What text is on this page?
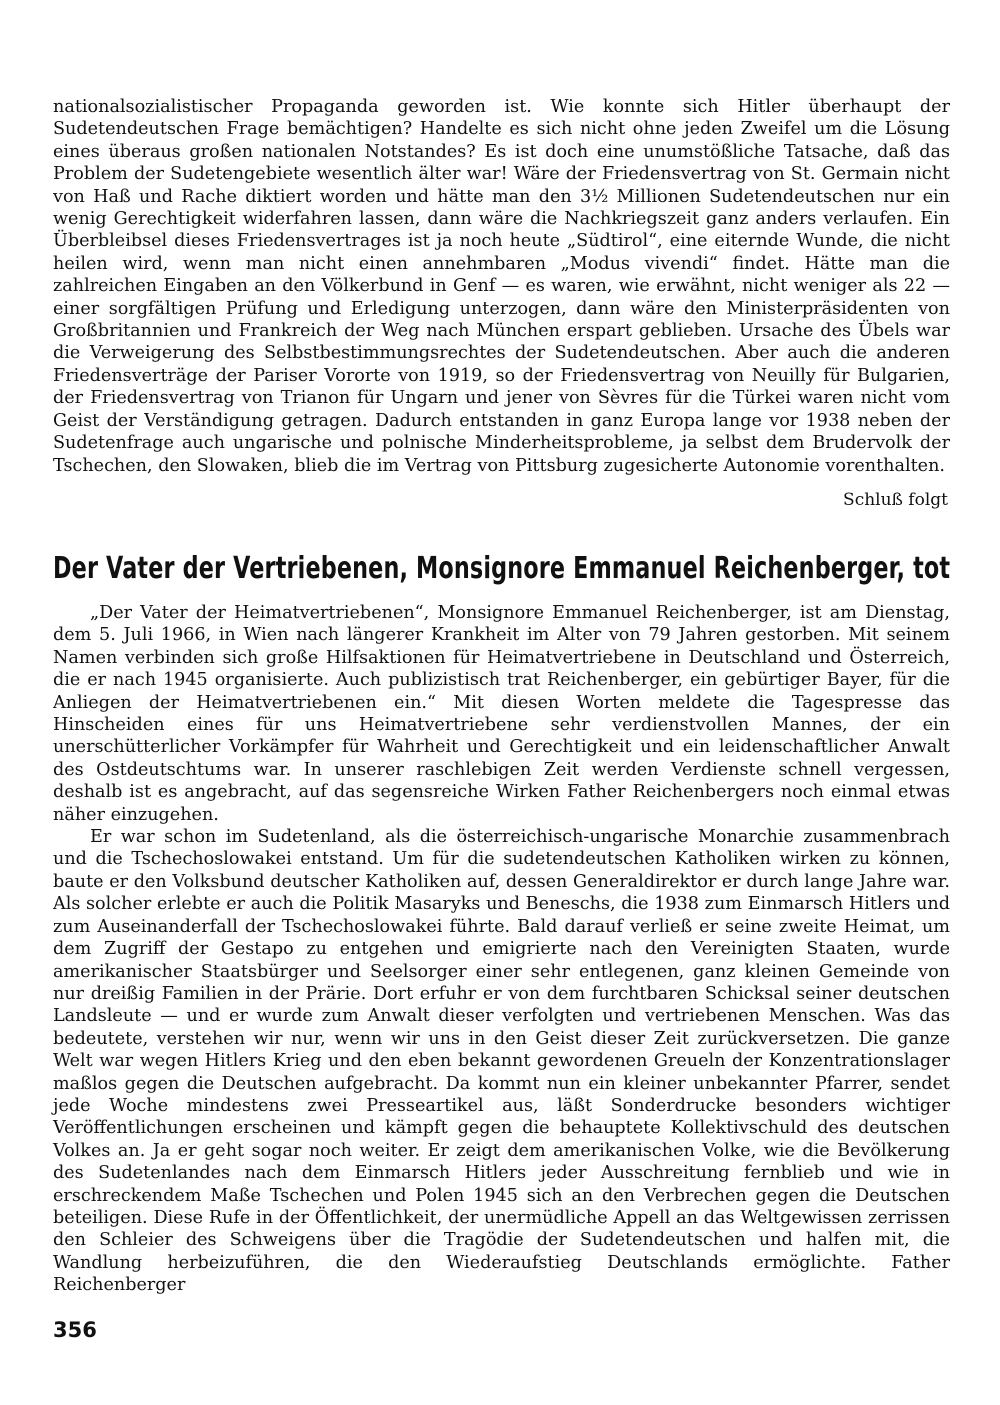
nationalsozialistischer Propaganda geworden ist. Wie konnte sich Hitler überhaupt der Sudetendeutschen Frage bemächtigen? Handelte es sich nicht ohne jeden Zweifel um die Lösung eines überaus großen nationalen Notstandes? Es ist doch eine unumstößliche Tatsache, daß das Problem der Sudetengebiete wesentlich älter war! Wäre der Friedensvertrag von St. Germain nicht von Haß und Rache diktiert worden und hätte man den 3½ Millionen Sudetendeutschen nur ein wenig Gerechtigkeit widerfahren lassen, dann wäre die Nachkriegszeit ganz anders verlaufen. Ein Überbleibsel dieses Friedensvertrages ist ja noch heute „Südtirol“, eine eiternde Wunde, die nicht heilen wird, wenn man nicht einen annehmbaren „Modus vivendi“ findet. Hätte man die zahlreichen Eingaben an den Völkerbund in Genf — es waren, wie erwähnt, nicht weniger als 22 — einer sorgfältigen Prüfung und Erledigung unterzogen, dann wäre den Ministerpräsidenten von Großbritannien und Frankreich der Weg nach München erspart geblieben. Ursache des Übels war die Verweigerung des Selbstbestimmungsrechtes der Sudetendeutschen. Aber auch die anderen Friedensverträge der Pariser Vororte von 1919, so der Friedensvertrag von Neuilly für Bulgarien, der Friedensvertrag von Trianon für Ungarn und jener von Sèvres für die Türkei waren nicht vom Geist der Verständigung getragen. Dadurch entstanden in ganz Europa lange vor 1938 neben der Sudetenfrage auch ungarische und polnische Minderheitsprobleme, ja selbst dem Brudervolk der Tschechen, den Slowaken, blieb die im Vertrag von Pittsburg zugesicherte Autonomie vorenthalten.

Schluß folgt
Der Vater der Vertriebenen, Monsignore Emmanuel Reichenberger, tot

„Der Vater der Heimatvertriebenen“, Monsignore Emmanuel Reichenberger, ist am Dienstag, dem 5. Juli 1966, in Wien nach längerer Krankheit im Alter von 79 Jahren gestorben. Mit seinem Namen verbinden sich große Hilfsaktionen für Heimatvertriebene in Deutschland und Österreich, die er nach 1945 organisierte. Auch publizistisch trat Reichenberger, ein gebürtiger Bayer, für die Anliegen der Heimatvertriebenen ein.“ Mit diesen Worten meldete die Tagespresse das Hinscheiden eines für uns Heimatvertriebene sehr verdienstvollen Mannes, der ein unerschütterlicher Vorkämpfer für Wahrheit und Gerechtigkeit und ein leidenschaftlicher Anwalt des Ostdeutschtums war. In unserer raschlebigen Zeit werden Verdienste schnell vergessen, deshalb ist es angebracht, auf das segensreiche Wirken Father Reichenbergers noch einmal etwas näher einzugehen.

Er war schon im Sudetenland, als die österreichisch-ungarische Monarchie zusammenbrach und die Tschechoslowakei entstand. Um für die sudetendeutschen Katholiken wirken zu können, baute er den Volksbund deutscher Katholiken auf, dessen Generaldirektor er durch lange Jahre war. Als solcher erlebte er auch die Politik Masaryks und Beneschs, die 1938 zum Einmarsch Hitlers und zum Auseinanderfall der Tschechoslowakei führte. Bald darauf verließ er seine zweite Heimat, um dem Zugriff der Gestapo zu entgehen und emigrierte nach den Vereinigten Staaten, wurde amerikanischer Staatsbürger und Seelsorger einer sehr entlegenen, ganz kleinen Gemeinde von nur dreißig Familien in der Prärie. Dort erfuhr er von dem furchtbaren Schicksal seiner deutschen Landsleute — und er wurde zum Anwalt dieser verfolgten und vertriebenen Menschen. Was das bedeutete, verstehen wir nur, wenn wir uns in den Geist dieser Zeit zurückversetzen. Die ganze Welt war wegen Hitlers Krieg und den eben bekannt gewordenen Greueln der Konzentrationslager maßlos gegen die Deutschen aufgebracht. Da kommt nun ein kleiner unbekannter Pfarrer, sendet jede Woche mindestens zwei Presseartikel aus, läßt Sonderdrucke besonders wichtiger Veröffentlichungen erscheinen und kämpft gegen die behauptete Kollektivschuld des deutschen Volkes an. Ja er geht sogar noch weiter. Er zeigt dem amerikanischen Volke, wie die Bevölkerung des Sudetenlandes nach dem Einmarsch Hitlers jeder Ausschreitung fernblieb und wie in erschreckendem Maße Tschechen und Polen 1945 sich an den Verbrechen gegen die Deutschen beteiligen. Diese Rufe in der Öffentlichkeit, der unermüdliche Appell an das Weltgewissen zerrissen den Schleier des Schweigens über die Tragödie der Sudetendeutschen und halfen mit, die Wandlung herbeizuführen, die den Wiederaufstieg Deutschlands ermöglichte. Father Reichenberger

356
